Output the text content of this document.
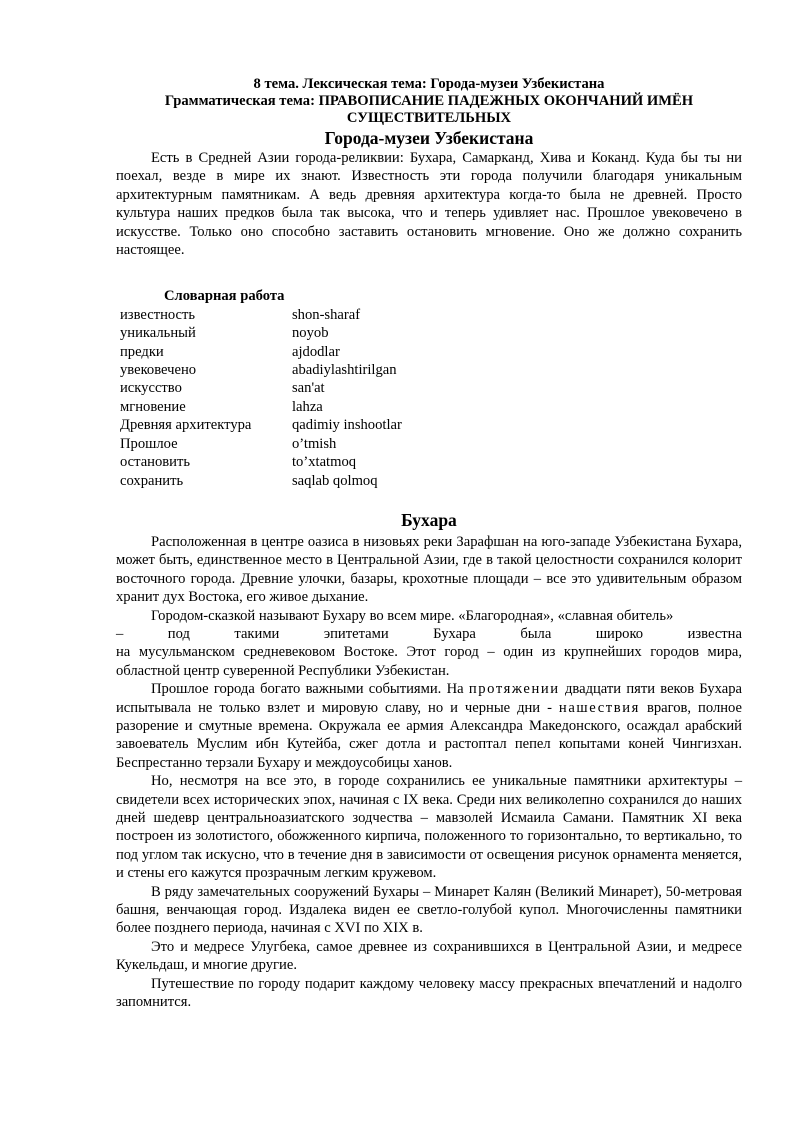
8 тема. Лексическая тема: Города-музеи Узбекистана
Грамматическая тема: ПРАВОПИСАНИЕ ПАДЕЖНЫХ ОКОНЧАНИЙ ИМЁН
СУЩЕСТВИТЕЛЬНЫХ
Города-музеи Узбекистана

Есть в Средней Азии города-реликвии: Бухара, Самарканд, Хива и Коканд. Куда бы ты ни поехал, везде в мире их знают. Известность эти города получили благодаря уникальным архитектурным памятникам. А ведь древняя архитектура когда-то была не древней. Просто культура наших предков была так высока, что и теперь удивляет нас. Прошлое увековечено в искусстве. Только оно способно заставить остановить мгновение. Оно же должно сохранить настоящее.

Словарная работа
известность	shon-sharaf
уникальный	noyob
предки	ajdodlar
увековечено	abadiylashtirilgan
искусство	san'at
мгновение	lahza
Древняя архитектура	qadimiy inshootlar
Прошлое	o’tmish
остановить	to’xtatmoq
сохранить	saqlab qolmoq
Бухара

Расположенная в центре оазиса в низовьях реки Зарафшан на юго-западе Узбекистана Бухара, может быть, единственное место в Центральной Азии, где в такой целостности сохранился колорит восточного города. Древние улочки, базары, крохотные площади – все это удивительным образом хранит дух Востока, его живое дыхание.

Городом-сказкой называют Бухару во всем мире. «Благородная», «славная обитель»

–	под	такими	эпитетами	Бухара	была	широко	известна

на мусульманском средневековом Востоке. Этот город – один из крупнейших городов мира, областной центр суверенной Республики Узбекистан.

Прошлое города богато важными событиями. На протяжении двадцати пяти веков Бухара испытывала не только взлет и мировую славу, но и черные дни - нашествия врагов, полное разорение и смутные времена. Окружала ее армия Александра Македонского, осаждал арабский завоеватель Муслим ибн Кутейба, сжег дотла и растоптал пепел копытами коней Чингизхан. Беспрестанно терзали Бухару и междоусобицы ханов.

Но, несмотря на все это, в городе сохранились ее уникальные памятники архитектуры – свидетели всех исторических эпох, начиная с IX века. Среди них великолепно сохранился до наших дней шедевр центральноазиатского зодчества – мавзолей Исмаила Самани. Памятник XI века построен из золотистого, обожженного кирпича, положенного то горизонтально, то вертикально, то под углом так искусно, что в течение дня в зависимости от освещения рисунок орнамента меняется, и стены его кажутся прозрачным легким кружевом.

В ряду замечательных сооружений Бухары – Минарет Калян (Великий Минарет), 50-метровая башня, венчающая город. Издалека виден ее светло-голубой купол. Многочисленны памятники более позднего периода, начиная с XVI по XIX в.

Это и медресе Улугбека, самое древнее из сохранившихся в Центральной Азии, и медресе Кукельдаш, и многие другие.

Путешествие по городу подарит каждому человеку массу прекрасных впечатлений и надолго запомнится.
